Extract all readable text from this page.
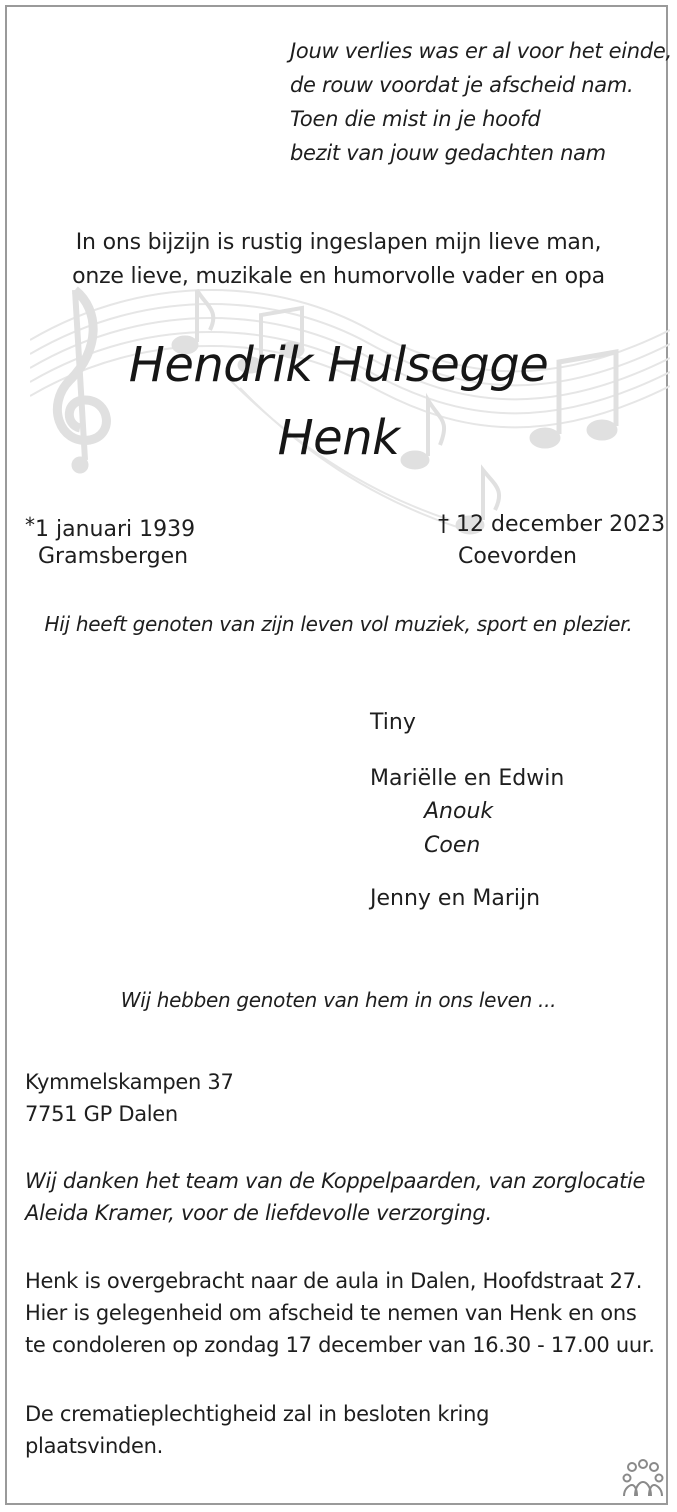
Jouw verlies was er al voor het einde,
de rouw voordat je afscheid nam.
Toen die mist in je hoofd
bezit van jouw gedachten nam
In ons bijzijn is rustig ingeslapen mijn lieve man,
onze lieve, muzikale en humorvolle vader en opa
Hendrik Hulsegge
Henk
*1 januari 1939
Gramsbergen
† 12 december 2023
Coevorden
Hij heeft genoten van zijn leven vol muziek, sport en plezier.
Tiny
Mariëlle en Edwin
Anouk
Coen
Jenny en Marijn
Wij hebben genoten van hem in ons leven ...
Kymmelskampen 37
7751 GP Dalen
Wij danken het team van de Koppelpaarden, van zorglocatie
Aleida Kramer, voor de liefdevolle verzorging.
Henk is overgebracht naar de aula in Dalen, Hoofdstraat 27.
Hier is gelegenheid om afscheid te nemen van Henk en ons
te condoleren op zondag 17 december van 16.30 - 17.00 uur.
De crematieplechtigheid zal in besloten kring
plaatsvinden.
